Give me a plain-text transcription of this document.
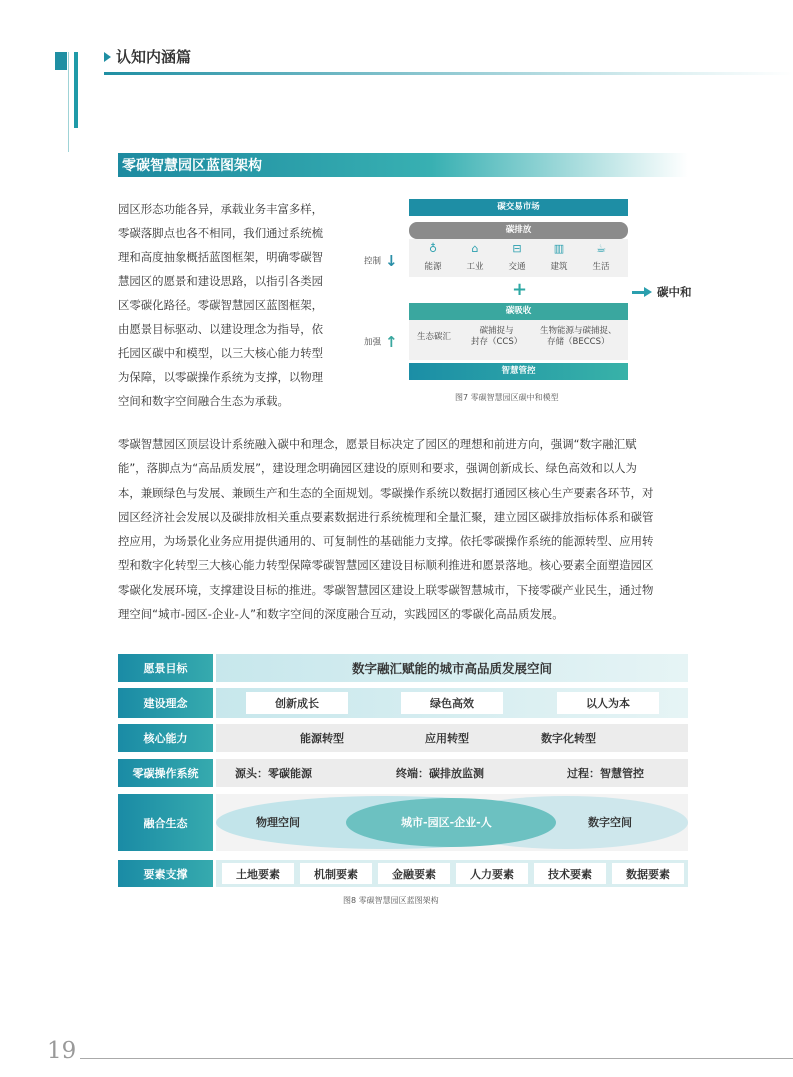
认知内涵篇
零碳智慧园区蓝图架构
园区形态功能各异，承载业务丰富多样，
零碳落脚点也各不相同，我们通过系统梳
理和高度抽象概括蓝图框架，明确零碳智
慧园区的愿景和建设思路，以指引各类园
区零碳化路径。零碳智慧园区蓝图框架，
由愿景目标驱动、以建设理念为指导，依
托园区碳中和模型，以三大核心能力转型
为保障，以零碳操作系统为支撑，以物理
空间和数字空间融合生态为承载。
碳交易市场
碳排放
控制 ↓
♁
能源
⌂
工业
⊟
交通
▥
建筑
☕
生活
+	碳中和
碳吸收
加强 ↑ 生态碳汇
碳捕捉与
封存（CCS）
生物能源与碳捕捉、
存储（BECCS）
智慧管控
图7 零碳智慧园区碳中和模型
零碳智慧园区顶层设计系统融入碳中和理念，愿景目标决定了园区的理想和前进方向，强调“数字融汇赋
能”，落脚点为“高品质发展”，建设理念明确园区建设的原则和要求，强调创新成长、绿色高效和以人为
本，兼顾绿色与发展、兼顾生产和生态的全面规划。零碳操作系统以数据打通园区核心生产要素各环节，对
园区经济社会发展以及碳排放相关重点要素数据进行系统梳理和全量汇聚，建立园区碳排放指标体系和碳管
控应用，为场景化业务应用提供通用的、可复制性的基础能力支撑。依托零碳操作系统的能源转型、应用转
型和数字化转型三大核心能力转型保障零碳智慧园区建设目标顺利推进和愿景落地。核心要素全面塑造园区
零碳化发展环境，支撑建设目标的推进。零碳智慧园区建设上联零碳智慧城市，下接零碳产业民生，通过物
理空间“城市-园区-企业-人”和数字空间的深度融合互动，实践园区的零碳化高品质发展。
愿景目标	数字融汇赋能的城市高品质发展空间
建设理念	创新成长	绿色高效	以人为本
核心能力	能源转型	应用转型	数字化转型
零碳操作系统	源头：零碳能源	终端：碳排放监测	过程：智慧管控
融合生态	物理空间	城市-园区-企业-人	数字空间
要素支撑	土地要素	机制要素	金融要素	人力要素	技术要素	数据要素
图8 零碳智慧园区蓝图架构
19
